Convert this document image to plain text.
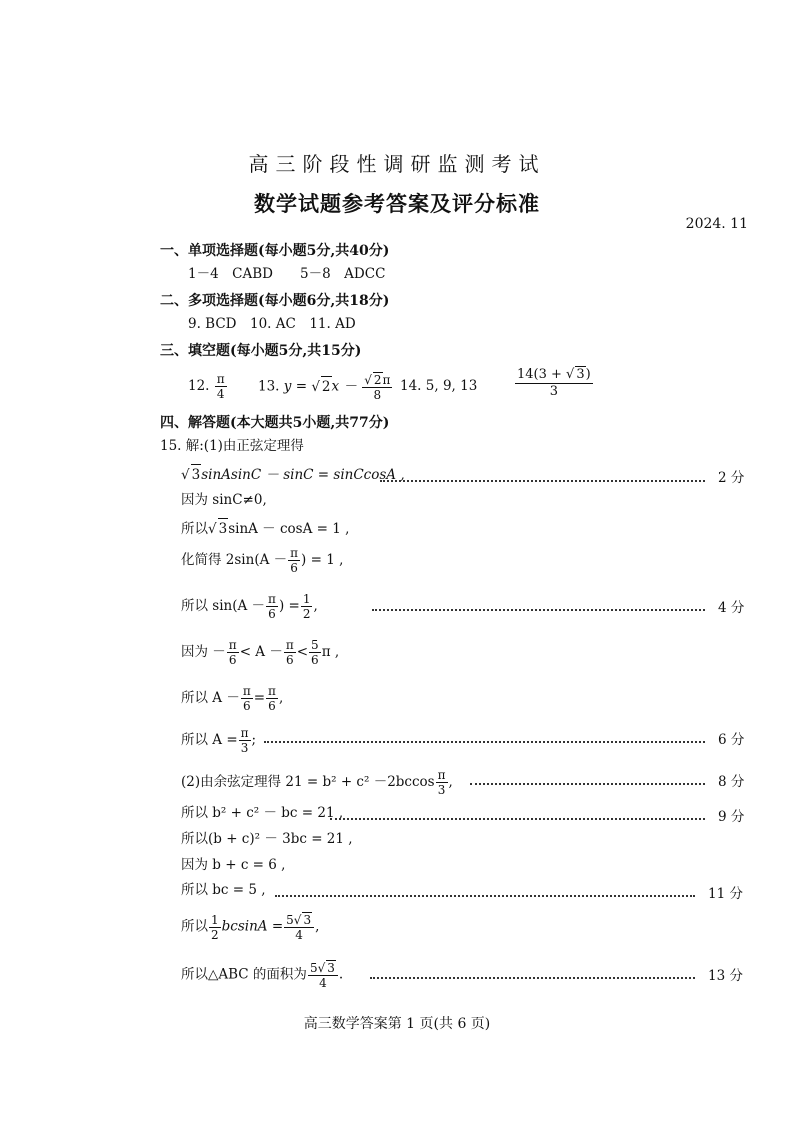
高三阶段性调研监测考试
数学试题参考答案及评分标准
2024. 11
一、单项选择题(每小题5分,共40分)
1－4　CABD　　5－8　ADCC
二、多项选择题(每小题6分,共18分)
9. BCD　10. AC　11. AD
三、填空题(每小题5分,共15分)
12. $\frac{\pi}{4} 13$. y = √ $2x - \frac{√ 2\pi}{8} 14$. 5, 9, 13	$\frac{14(3 + √ 3)}{3}$
四、解答题(本大题共5小题,共77分)
15. 解:(1)由正弦定理得
√ 3sinAsinC － sinC = sinCcosA ,	2 分
因为 sinC≠0,
所以√ 3sinA － cosA = 1 ,
化简得 $2\sin(A - \frac{\pi}{6}$ ) = 1 ,
所以 $\sin(A - \frac{\pi}{6}$ ) = $\frac{1}{2}$ ,	4 分
因为 － $\frac{\pi}{6} < A - \frac{\pi}{6} < \frac{5}{6}$ π ,
所以 $A - \frac{\pi}{6} = \frac{\pi}{6}$ ,
所以 $A = \frac{\pi}{3}$ ;	6 分
(2)由余弦定理得 $21 = b^2 + c^2 -2bccos \frac{\pi}{3}$ ,	8 分
所以 b² + c² － bc = 21 ,	9 分
所以(b + c)² － 3bc = 21 ,
因为 b + c = 6 ,
所以 bc = 5 ,	11 分
所以 $\frac{1}{2}$ $bcsinA = \frac{5√ 3}{4}$ ,
所以△ABC 的面积为 $\frac{5√ 3}{4}$ .	13 分
高三数学答案第 1 页(共 6 页)
